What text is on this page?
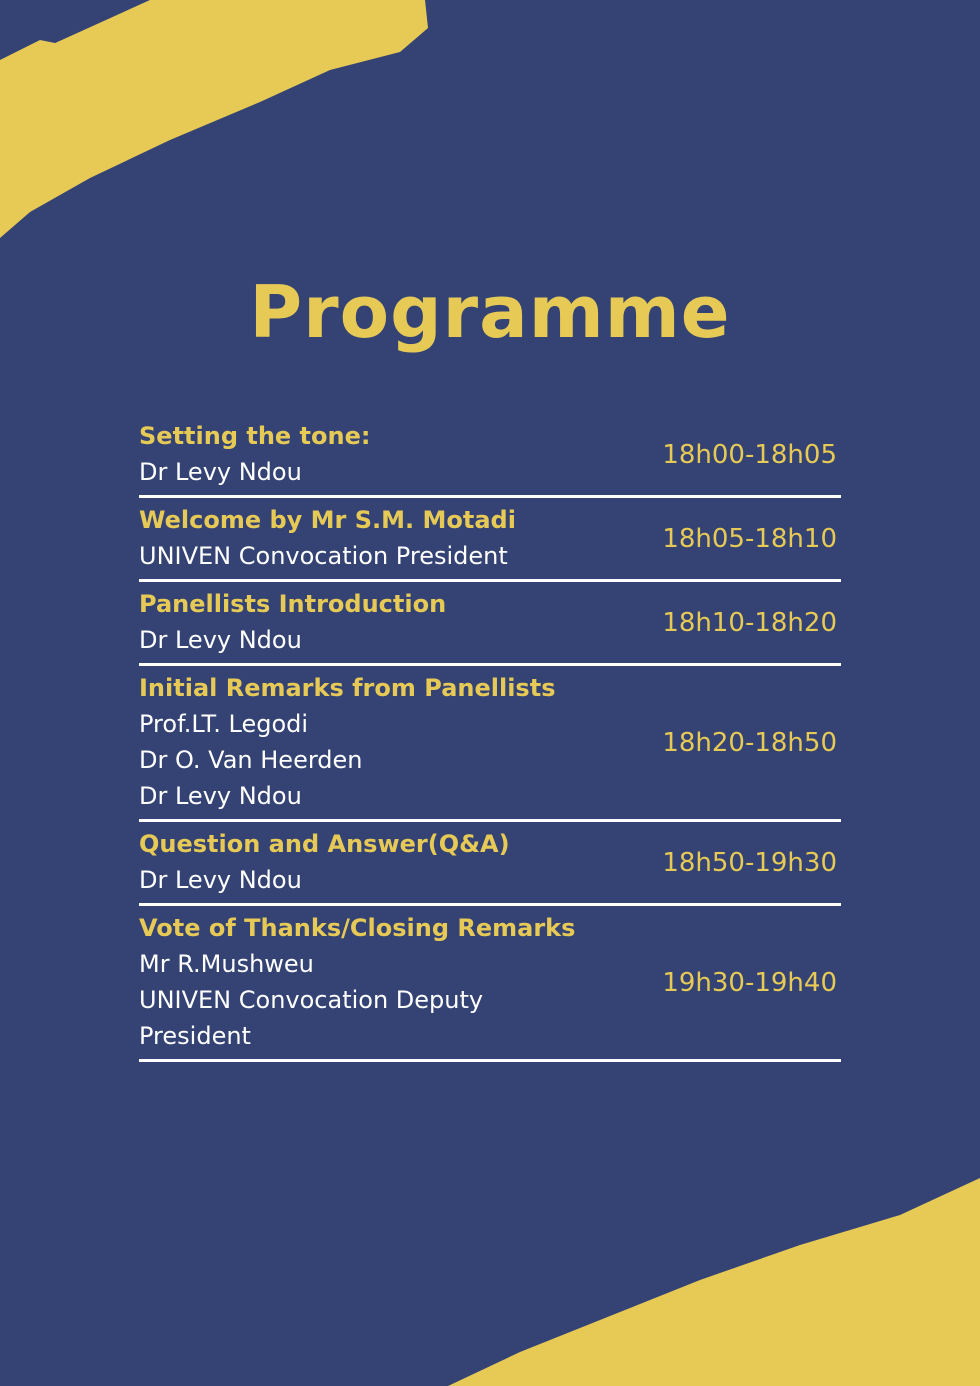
Programme
Setting the tone:
Dr Levy Ndou
18h00-18h05
Welcome by Mr S.M. Motadi
UNIVEN Convocation President
18h05-18h10
Panellists Introduction
Dr Levy Ndou
18h10-18h20
Initial Remarks from Panellists
Prof.LT. Legodi
Dr O. Van Heerden
Dr Levy Ndou
18h20-18h50
Question and Answer(Q&A)
Dr Levy Ndou
18h50-19h30
Vote of Thanks/Closing Remarks
Mr R.Mushweu
UNIVEN Convocation Deputy
President
19h30-19h40
